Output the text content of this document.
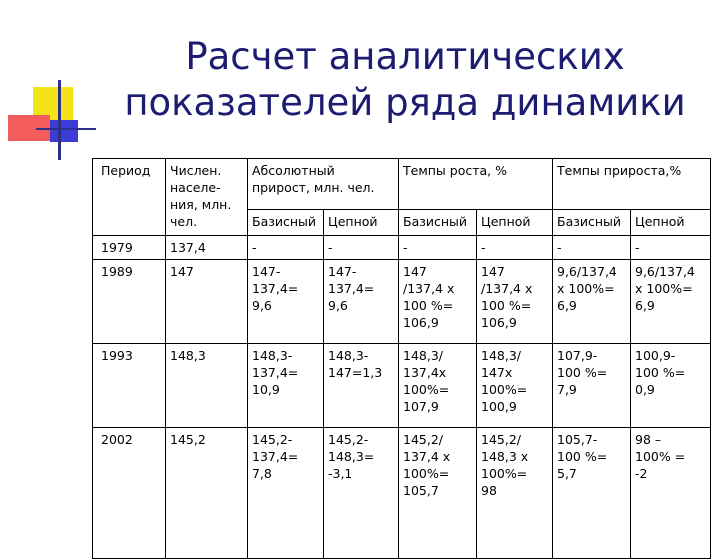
Расчет аналитических
показателей ряда динамики
Период	Числен.
населе-
ния, млн.
чел.	Абсолютный
прирост, млн. чел.		Темпы роста, %		Темпы прироста,%	
		Базисный	Цепной	Базисный	Цепной	Базисный	Цепной
1979	137,4	-	-	-	-	-	-

1989	147	147-
137,4=
9,6	147-
137,4=
9,6	147
/137,4 х
100 %=
106,9	147
/137,4 х
100 %=
106,9	9,6/137,4
х 100%=
6,9	9,6/137,4
х 100%=
6,9

1993	148,3	148,3-
137,4=
10,9	148,3-
147=1,3	148,3/
137,4х
100%=
107,9	148,3/
147х
100%=
100,9	107,9-
100 %=
7,9	100,9-
100 %=
0,9

2002	145,2	145,2-
137,4=
7,8	145,2-
148,3=
-3,1	145,2/
137,4 х
100%=
105,7	145,2/
148,3 х
100%=
98	105,7-
100 %=
5,7	98 –
100% =
-2
